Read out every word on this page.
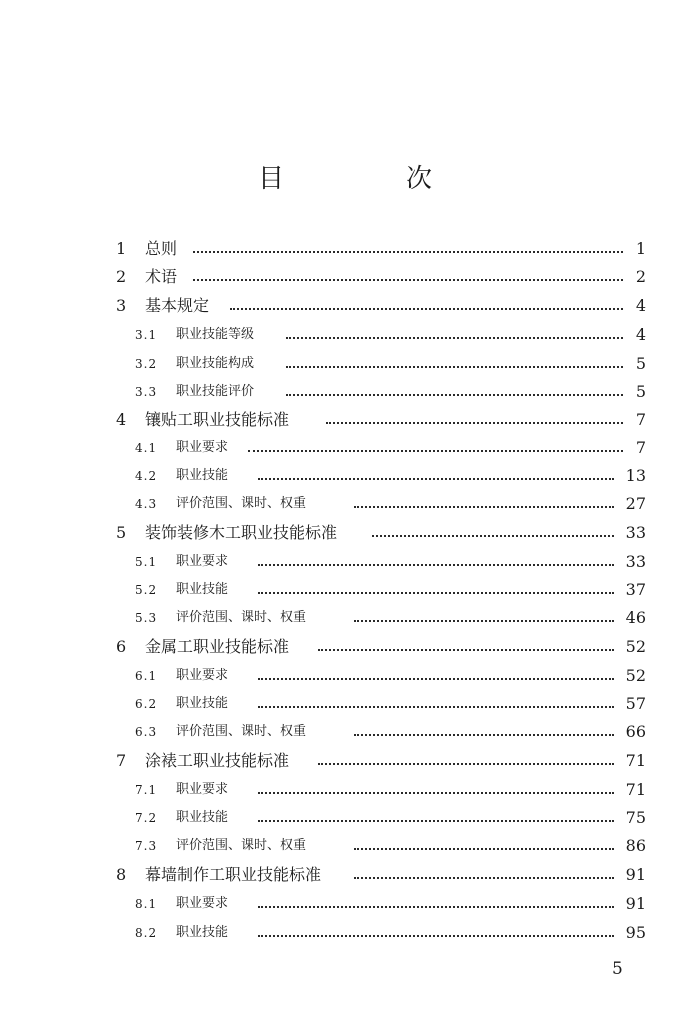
目　次
1 总则	1
2 术语	2
3 基本规定	4
3.1 职业技能等级	4
3.2 职业技能构成	5
3.3 职业技能评价	5
4 镶贴工职业技能标准	7
4.1 职业要求	7
4.2 职业技能	13
4.3 评价范围、课时、权重	27
5 装饰装修木工职业技能标准	33
5.1 职业要求	33
5.2 职业技能	37
5.3 评价范围、课时、权重	46
6 金属工职业技能标准	52
6.1 职业要求	52
6.2 职业技能	57
6.3 评价范围、课时、权重	66
7 涂裱工职业技能标准	71
7.1 职业要求	71
7.2 职业技能	75
7.3 评价范围、课时、权重	86
8 幕墙制作工职业技能标准	91
8.1 职业要求	91
8.2 职业技能	95
5
